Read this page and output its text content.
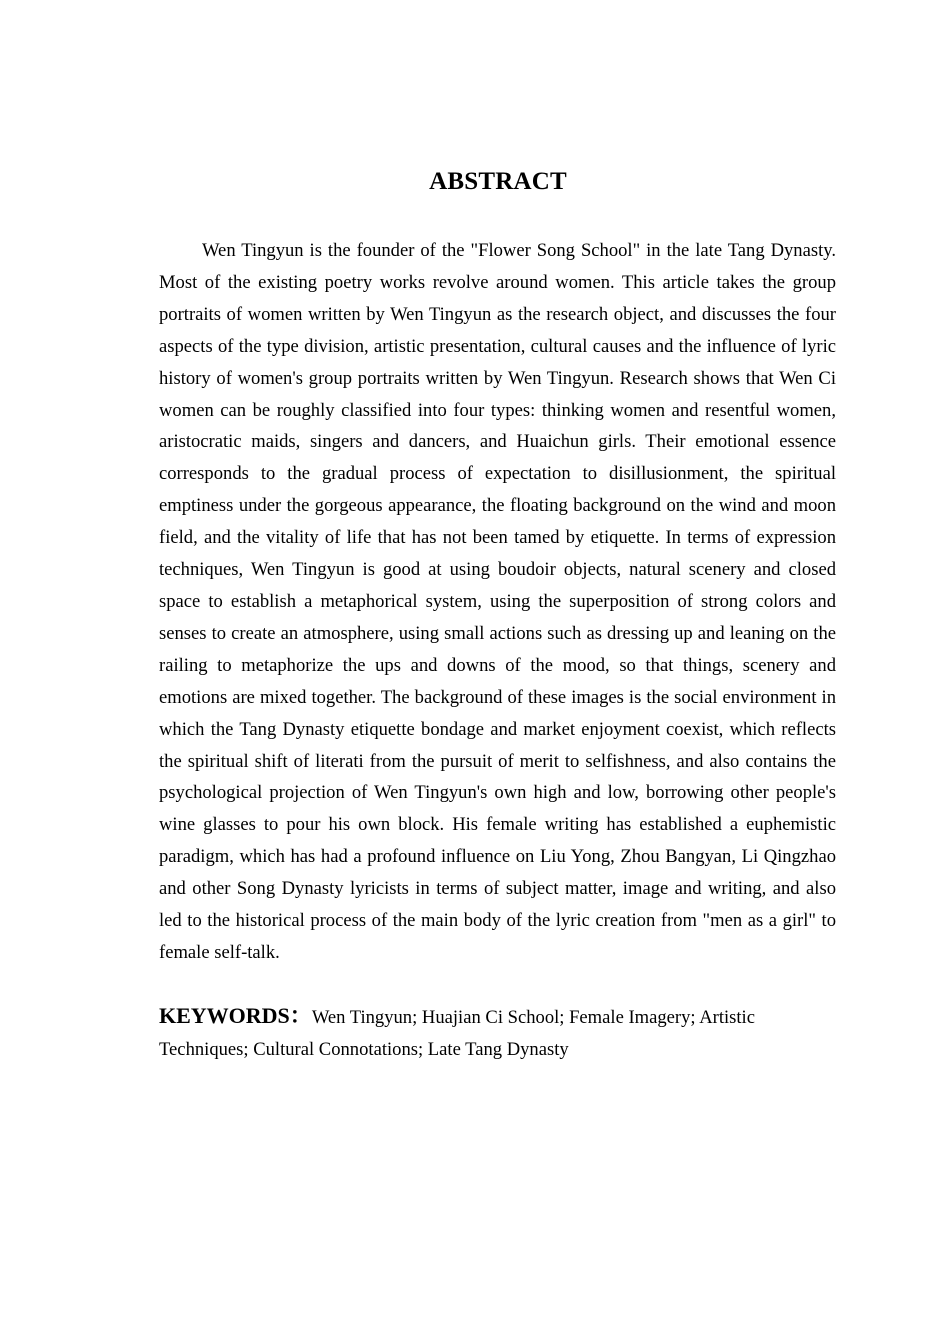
ABSTRACT

Wen Tingyun is the founder of the "Flower Song School" in the late Tang Dynasty. Most of the existing poetry works revolve around women. This article takes the group portraits of women written by Wen Tingyun as the research object, and discusses the four aspects of the type division, artistic presentation, cultural causes and the influence of lyric history of women's group portraits written by Wen Tingyun. Research shows that Wen Ci women can be roughly classified into four types: thinking women and resentful women, aristocratic maids, singers and dancers, and Huaichun girls. Their emotional essence corresponds to the gradual process of expectation to disillusionment, the spiritual emptiness under the gorgeous appearance, the floating background on the wind and moon field, and the vitality of life that has not been tamed by etiquette. In terms of expression techniques, Wen Tingyun is good at using boudoir objects, natural scenery and closed space to establish a metaphorical system, using the superposition of strong colors and senses to create an atmosphere, using small actions such as dressing up and leaning on the railing to metaphorize the ups and downs of the mood, so that things, scenery and emotions are mixed together. The background of these images is the social environment in which the Tang Dynasty etiquette bondage and market enjoyment coexist, which reflects the spiritual shift of literati from the pursuit of merit to selfishness, and also contains the psychological projection of Wen Tingyun's own high and low, borrowing other people's wine glasses to pour his own block. His female writing has established a euphemistic paradigm, which has had a profound influence on Liu Yong, Zhou Bangyan, Li Qingzhao and other Song Dynasty lyricists in terms of subject matter, image and writing, and also led to the historical process of the main body of the lyric creation from "men as a girl" to female self-talk.

KEYWORDS：Wen Tingyun; Huajian Ci School; Female Imagery; Artistic Techniques; Cultural Connotations; Late Tang Dynasty
